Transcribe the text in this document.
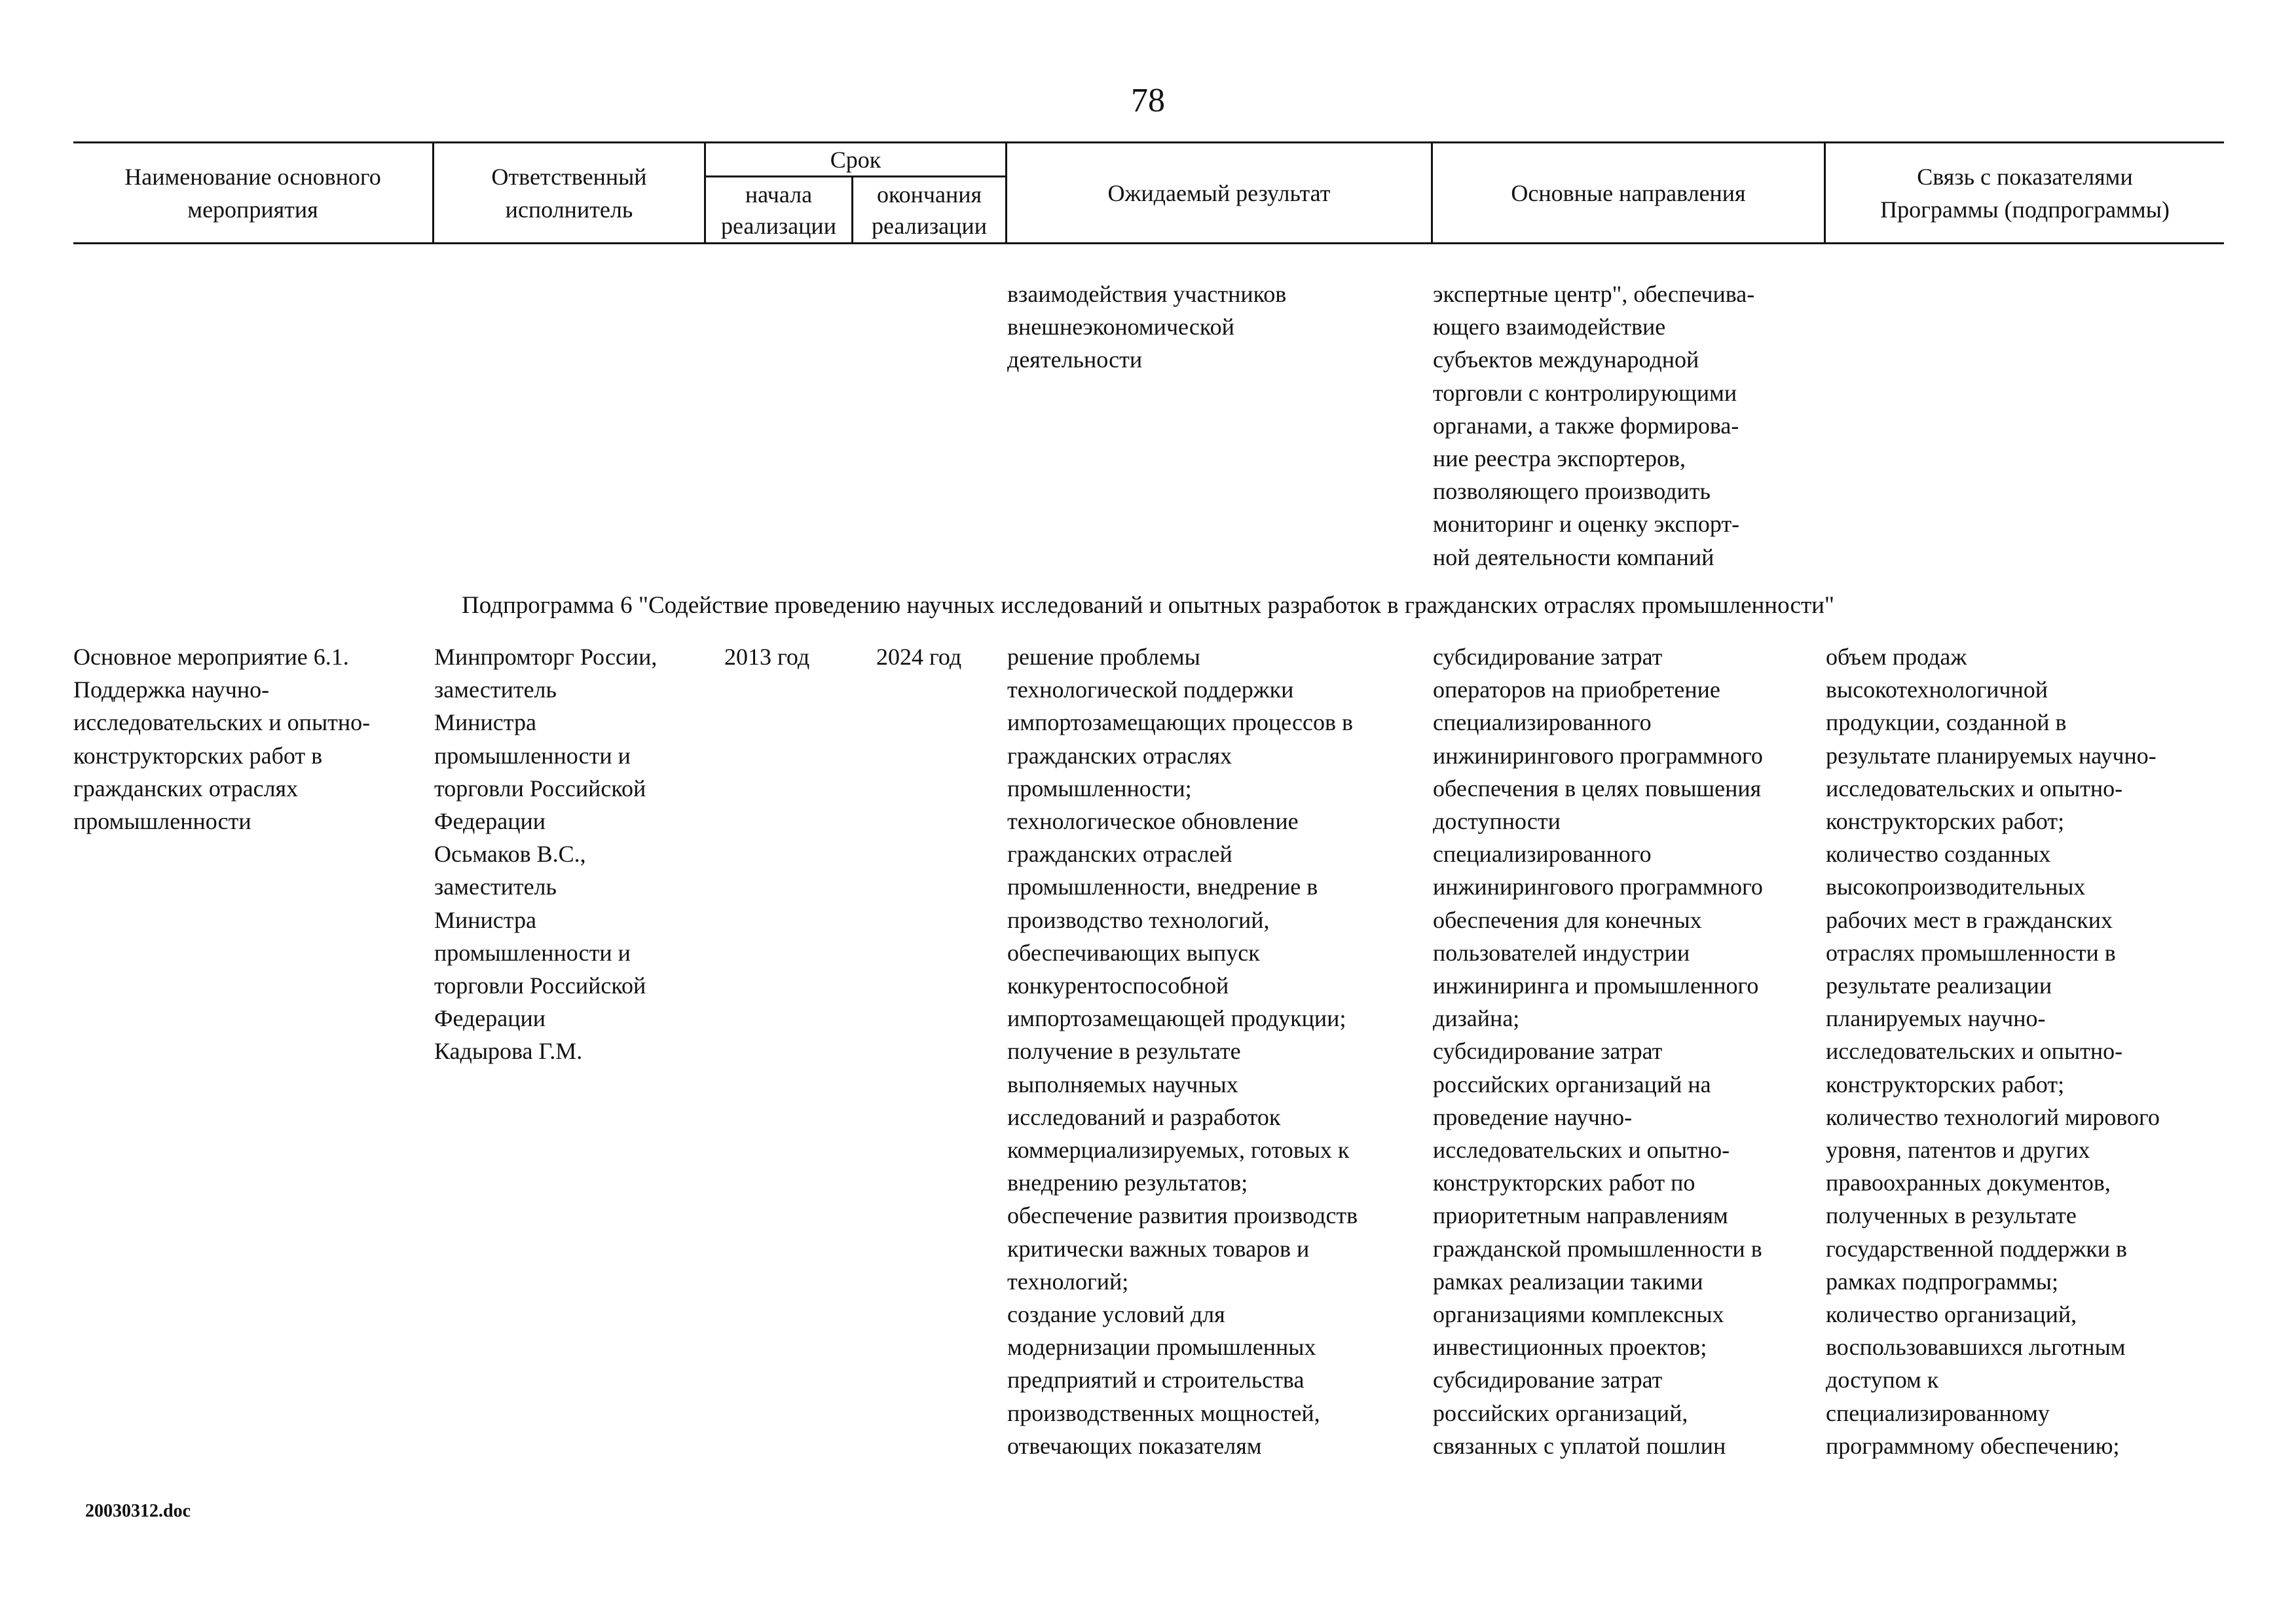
78
Наименование основного
мероприятия
Ответственный
исполнитель
Срок
начала
реализации
окончания
реализации
Ожидаемый результат	Основные направления
Связь с показателями
Программы (подпрограммы)

взаимодействия участников
внешнеэкономической
деятельности

экспертные центр", обеспечива-
ющего взаимодействие
субъектов международной
торговли с контролирующими
органами, а также формирова-
ние реестра экспортеров,
позволяющего производить
мониторинг и оценку экспорт-
ной деятельности компаний

Подпрограмма 6 "Содействие проведению научных исследований и опытных разработок в гражданских отраслях промышленности"

Основное мероприятие 6.1.
Поддержка научно-
исследовательских и опытно-
конструкторских работ в
гражданских отраслях
промышленности

Минпромторг России,
заместитель
Министра
промышленности и
торговли Российской
Федерации
Осьмаков В.С.,
заместитель
Министра
промышленности и
торговли Российской
Федерации
Кадырова Г.М.

2013 год	2024 год решение проблемы
технологической поддержки
импортозамещающих процессов в
гражданских отраслях
промышленности;
технологическое обновление
гражданских отраслей
промышленности, внедрение в
производство технологий,
обеспечивающих выпуск
конкурентоспособной
импортозамещающей продукции;
получение в результате
выполняемых научных
исследований и разработок
коммерциализируемых, готовых к
внедрению результатов;
обеспечение развития производств
критически важных товаров и
технологий;
создание условий для
модернизации промышленных
предприятий и строительства
производственных мощностей,
отвечающих показателям

субсидирование затрат
операторов на приобретение
специализированного
инжинирингового программного
обеспечения в целях повышения
доступности
специализированного
инжинирингового программного
обеспечения для конечных
пользователей индустрии
инжиниринга и промышленного
дизайна;
субсидирование затрат
российских организаций на
проведение научно-
исследовательских и опытно-
конструкторских работ по
приоритетным направлениям
гражданской промышленности в
рамках реализации такими
организациями комплексных
инвестиционных проектов;
субсидирование затрат
российских организаций,
связанных с уплатой пошлин

объем продаж
высокотехнологичной
продукции, созданной в
результате планируемых научно-
исследовательских и опытно-
конструкторских работ;
количество созданных
высокопроизводительных
рабочих мест в гражданских
отраслях промышленности в
результате реализации
планируемых научно-
исследовательских и опытно-
конструкторских работ;
количество технологий мирового
уровня, патентов и других
правоохранных документов,
полученных в результате
государственной поддержки в
рамках подпрограммы;
количество организаций,
воспользовавшихся льготным
доступом к
специализированному
программному обеспечению;

20030312.doc
